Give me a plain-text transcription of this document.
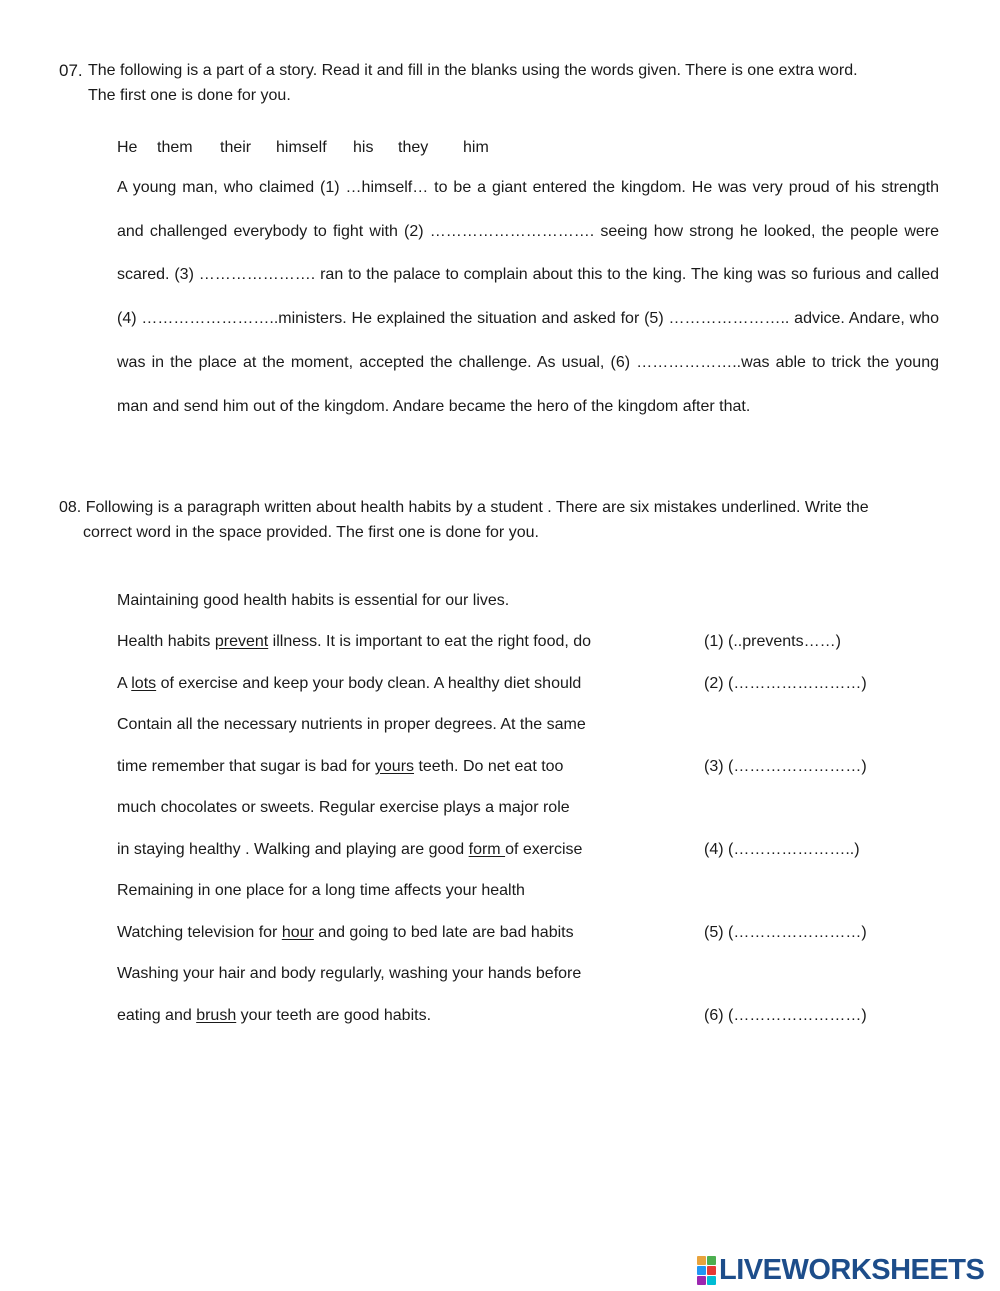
07. The following is a part of a story. Read it and fill in the blanks using the words given. There is one extra word.
The first one is done for you.
He them their himself his they him
A young man, who claimed (1) …himself… to be a giant entered the kingdom. He was very proud of his strength
and challenged everybody to fight with (2) …………………………. seeing how strong he looked, the people were
scared. (3) …………………. ran to the palace to complain about this to the king. The king was so furious and called
(4) ……………………..ministers. He explained the situation and asked for (5) ………………….. advice. Andare, who
was in the place at the moment, accepted the challenge. As usual, (6) ………………..was able to trick the young
man and send him out of the kingdom. Andare became the hero of the kingdom after that.
08. Following is a paragraph written about health habits by a student . There are six mistakes underlined. Write the
correct word in the space provided. The first one is done for you.
Maintaining good health habits is essential for our lives.
Health habits prevent illness. It is important to eat the right food, do
A lots of exercise and keep your body clean. A healthy diet should
Contain all the necessary nutrients in proper degrees. At the same
time remember that sugar is bad for yours teeth. Do net eat too
much chocolates or sweets. Regular exercise plays a major role
in staying healthy . Walking and playing are good form of exercise
Remaining in one place for a long time affects your health
Watching television for hour and going to bed late are bad habits
Washing your hair and body regularly, washing your hands before
eating and brush your teeth are good habits.
(1) (..prevents……)
(2) (……………………)
(3) (……………………)
(4) (…………………..)
(5) (……………………)
(6) (……………………)
LIVEWORKSHEETS
